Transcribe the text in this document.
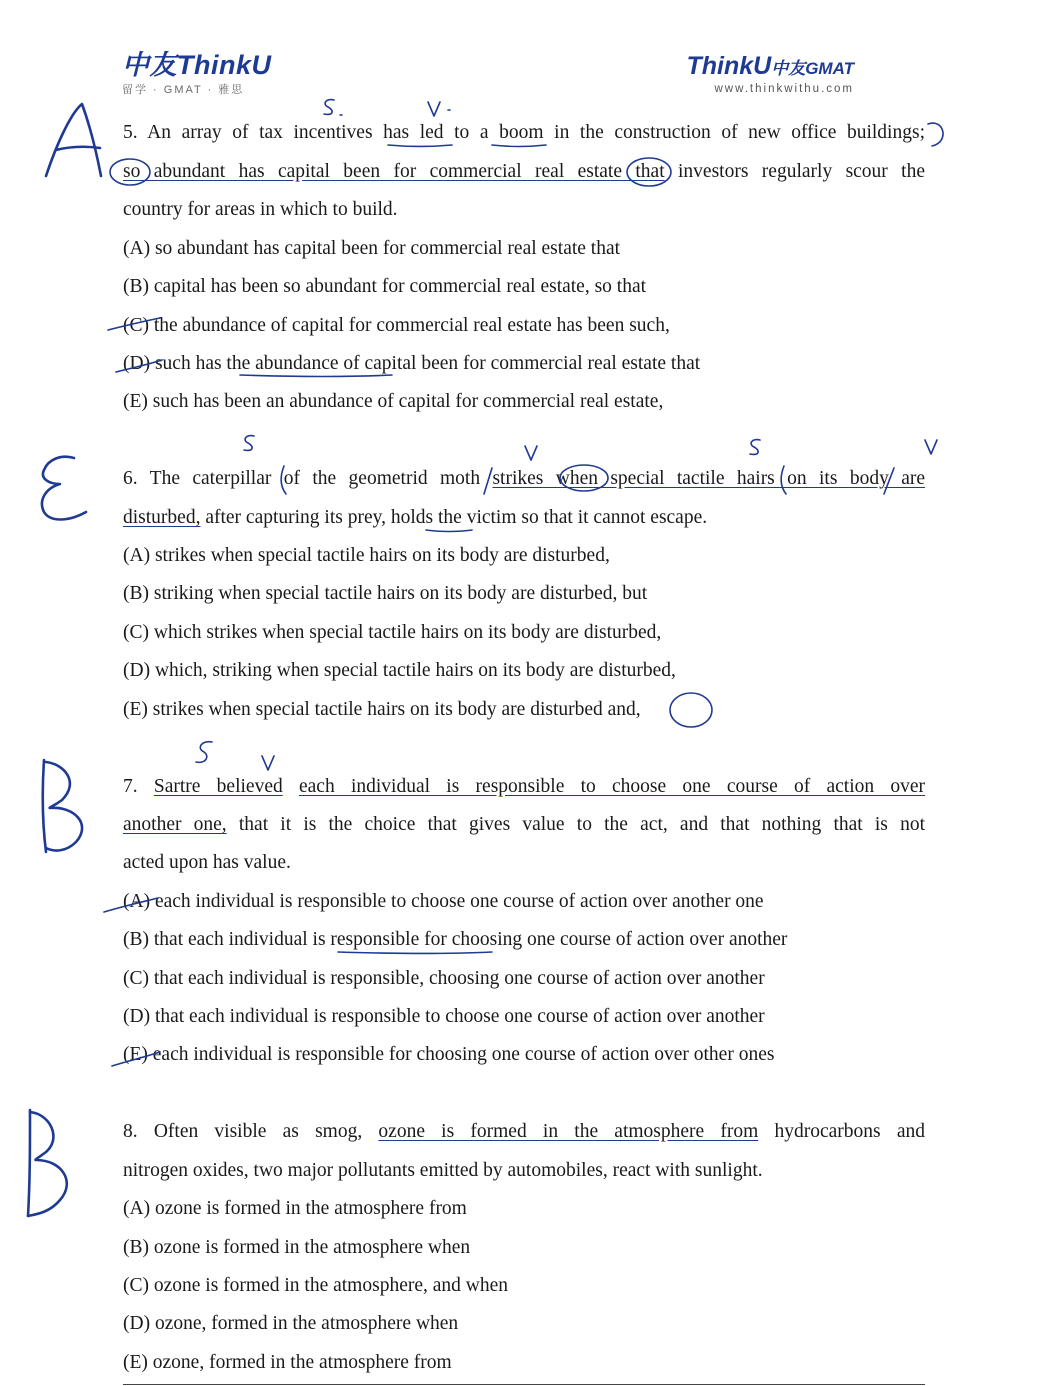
中友ThinkU
留学 · GMAT · 雅思
ThinkU中友GMAT
www.thinkwithu.com
5. An array of tax incentives has led to a boom in the construction of new office buildings;
so abundant has capital been for commercial real estate that investors regularly scour the
country for areas in which to build.
(A) so abundant has capital been for commercial real estate that
(B) capital has been so abundant for commercial real estate, so that
(C) the abundance of capital for commercial real estate has been such,
(D) such has the abundance of capital been for commercial real estate that
(E) such has been an abundance of capital for commercial real estate,
6. The caterpillar of the geometrid moth strikes when special tactile hairs on its body are
disturbed, after capturing its prey, holds the victim so that it cannot escape.
(A) strikes when special tactile hairs on its body are disturbed,
(B) striking when special tactile hairs on its body are disturbed, but
(C) which strikes when special tactile hairs on its body are disturbed,
(D) which, striking when special tactile hairs on its body are disturbed,
(E) strikes when special tactile hairs on its body are disturbed and,
7. Sartre believed each individual is responsible to choose one course of action over
another one, that it is the choice that gives value to the act, and that nothing that is not
acted upon has value.
(A) each individual is responsible to choose one course of action over another one
(B) that each individual is responsible for choosing one course of action over another
(C) that each individual is responsible, choosing one course of action over another
(D) that each individual is responsible to choose one course of action over another
(E) each individual is responsible for choosing one course of action over other ones
8. Often visible as smog, ozone is formed in the atmosphere from hydrocarbons and
nitrogen oxides, two major pollutants emitted by automobiles, react with sunlight.
(A) ozone is formed in the atmosphere from
(B) ozone is formed in the atmosphere when
(C) ozone is formed in the atmosphere, and when
(D) ozone, formed in the atmosphere when
(E) ozone, formed in the atmosphere from
